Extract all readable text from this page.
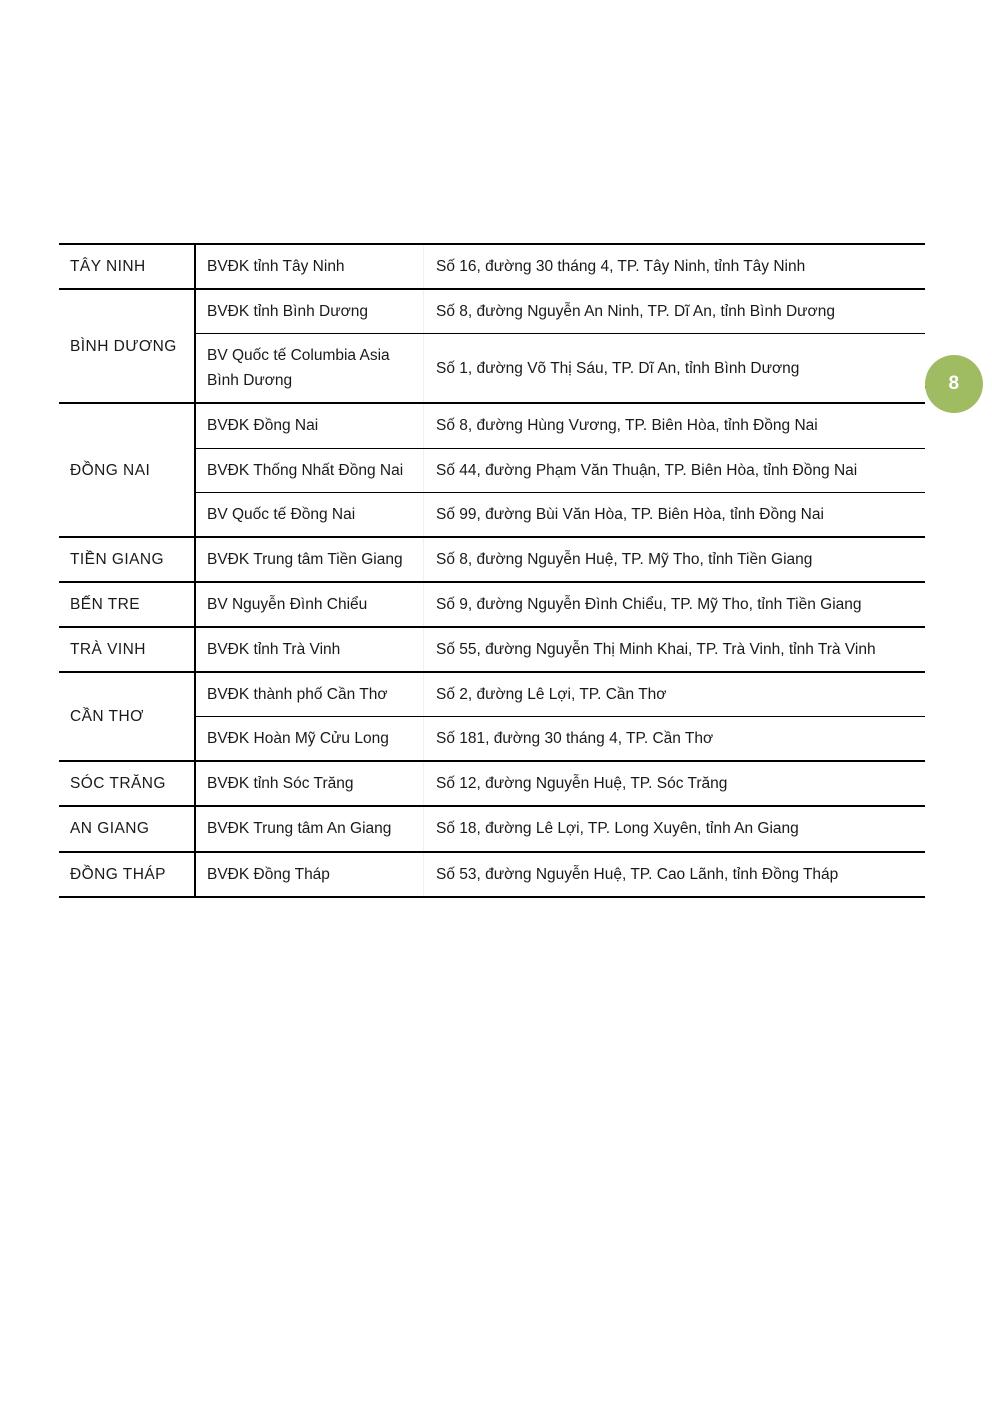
8
TÂY NINH	BVĐK tỉnh Tây Ninh	Số 16, đường 30 tháng 4, TP. Tây Ninh, tỉnh Tây Ninh
BÌNH DƯƠNG	BVĐK tỉnh Bình Dương	Số 8, đường Nguyễn An Ninh, TP. Dĩ An, tỉnh Bình Dương
	BV Quốc tế Columbia Asia Bình Dương	Số 1, đường Võ Thị Sáu, TP. Dĩ An, tỉnh Bình Dương
ĐỒNG NAI	BVĐK Đồng Nai	Số 8, đường Hùng Vương, TP. Biên Hòa, tỉnh Đồng Nai
	BVĐK Thống Nhất Đồng Nai	Số 44, đường Phạm Văn Thuận, TP. Biên Hòa, tỉnh Đồng Nai
	BV Quốc tế Đồng Nai	Số 99, đường Bùi Văn Hòa, TP. Biên Hòa, tỉnh Đồng Nai
TIỀN GIANG	BVĐK Trung tâm Tiền Giang	Số 8, đường Nguyễn Huệ, TP. Mỹ Tho, tỉnh Tiền Giang
BẾN TRE	BV Nguyễn Đình Chiểu	Số 9, đường Nguyễn Đình Chiểu, TP. Mỹ Tho, tỉnh Tiền Giang
TRÀ VINH	BVĐK tỉnh Trà Vinh	Số 55, đường Nguyễn Thị Minh Khai, TP. Trà Vinh, tỉnh Trà Vinh
CẦN THƠ	BVĐK thành phố Cần Thơ	Số 2, đường Lê Lợi, TP. Cần Thơ
	BVĐK Hoàn Mỹ Cửu Long	Số 181, đường 30 tháng 4, TP. Cần Thơ
SÓC TRĂNG	BVĐK tỉnh Sóc Trăng	Số 12, đường Nguyễn Huệ, TP. Sóc Trăng
AN GIANG	BVĐK Trung tâm An Giang	Số 18, đường Lê Lợi, TP. Long Xuyên, tỉnh An Giang
ĐỒNG THÁP	BVĐK Đồng Tháp	Số 53, đường Nguyễn Huệ, TP. Cao Lãnh, tỉnh Đồng Tháp
